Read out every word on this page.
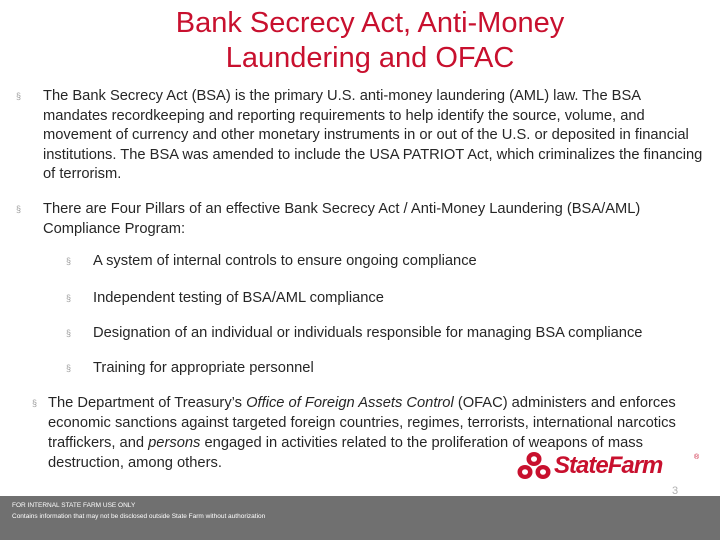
Bank Secrecy Act, Anti-Money
Laundering and OFAC
§ The Bank Secrecy Act (BSA) is the primary U.S. anti-money laundering (AML) law. The BSA mandates recordkeeping and reporting requirements to help identify the source, volume, and movement of currency and other monetary instruments in or out of the U.S. or deposited in financial institutions. The BSA was amended to include the USA PATRIOT Act, which criminalizes the financing of terrorism.
§ There are Four Pillars of an effective Bank Secrecy Act / Anti-Money Laundering (BSA/AML) Compliance Program:
§ A system of internal controls to ensure ongoing compliance
§ Independent testing of BSA/AML compliance
§ Designation of an individual or individuals responsible for managing BSA compliance
§ Training for appropriate personnel
§ The Department of Treasury’s Office of Foreign Assets Control (OFAC) administers and enforces economic sanctions against targeted foreign countries, regimes, terrorists, international narcotics traffickers, and persons engaged in activities related to the proliferation of weapons of mass destruction, among others.	StateFarm	®
FOR INTERNAL STATE FARM USE ONLY
Contains information that may not be disclosed outside State Farm without authorization
3
